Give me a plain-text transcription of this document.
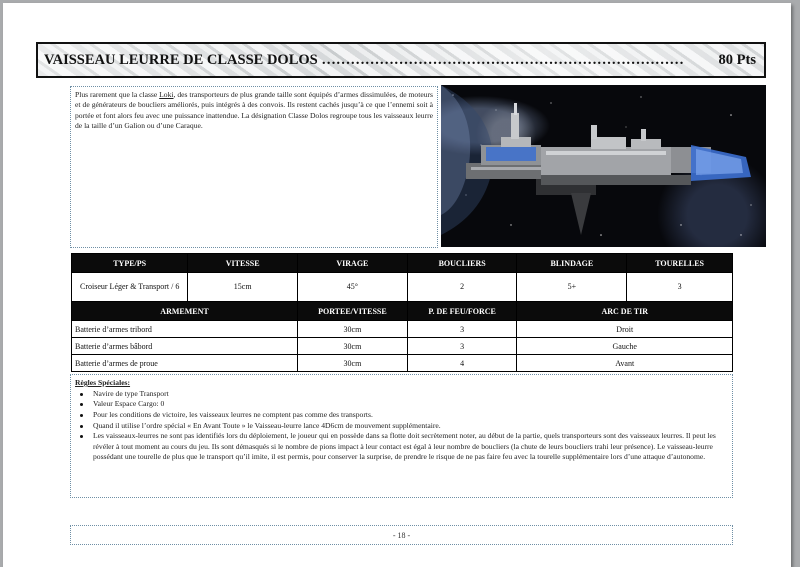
VAISSEAU LEURRE DE CLASSE DOLOS …………………………………………………………………	80 Pts
Plus rarement que la classe Loki, des transporteurs de plus grande taille sont équipés d’armes dissimulées, de moteurs et de générateurs de boucliers améliorés, puis intégrés à des convois. Ils restent cachés jusqu’à ce que l’ennemi soit à portée et font alors feu avec une puissance inattendue. La désignation Classe Dolos regroupe tous les vaisseaux leurre de la taille d’un Galion ou d’une Caraque.
TYPE/PS	VITESSE	VIRAGE	BOUCLIERS	BLINDAGE	TOURELLES
Croiseur Léger & Transport / 6	15cm	45°	2	5+	3
ARMEMENT		PORTEE/VITESSE	P. DE FEU/FORCE	ARC DE TIR	
Batterie d’armes tribord		30cm	3	Droit	
Batterie d’armes bâbord		30cm	3	Gauche	
Batterie d’armes de proue		30cm	4	Avant	
Règles Spéciales:
Navire de type Transport
Valeur Espace Cargo: 0
Pour les conditions de victoire, les vaisseaux leurres ne comptent pas comme des transports.
Quand il utilise l’ordre spécial « En Avant Toute » le Vaisseau-leurre lance 4D6cm de mouvement supplémentaire.
Les vaisseaux-leurres ne sont pas identifiés lors du déploiement, le joueur qui en possède dans sa flotte doit secrètement noter, au début de la partie, quels transporteurs sont des vaisseaux leurres. Il peut les révéler à tout moment au cours du jeu. Ils sont démasqués si le nombre de pions impact à leur contact est égal à leur nombre de boucliers (la chute de leurs boucliers trahi leur présence). Le vaisseau-leurre possédant une tourelle de plus que le transport qu’il imite, il est permis, pour conserver la surprise, de prendre le risque de ne pas faire feu avec la tourelle supplémentaire lors d’une attaque d’autonome.
- 18 -
